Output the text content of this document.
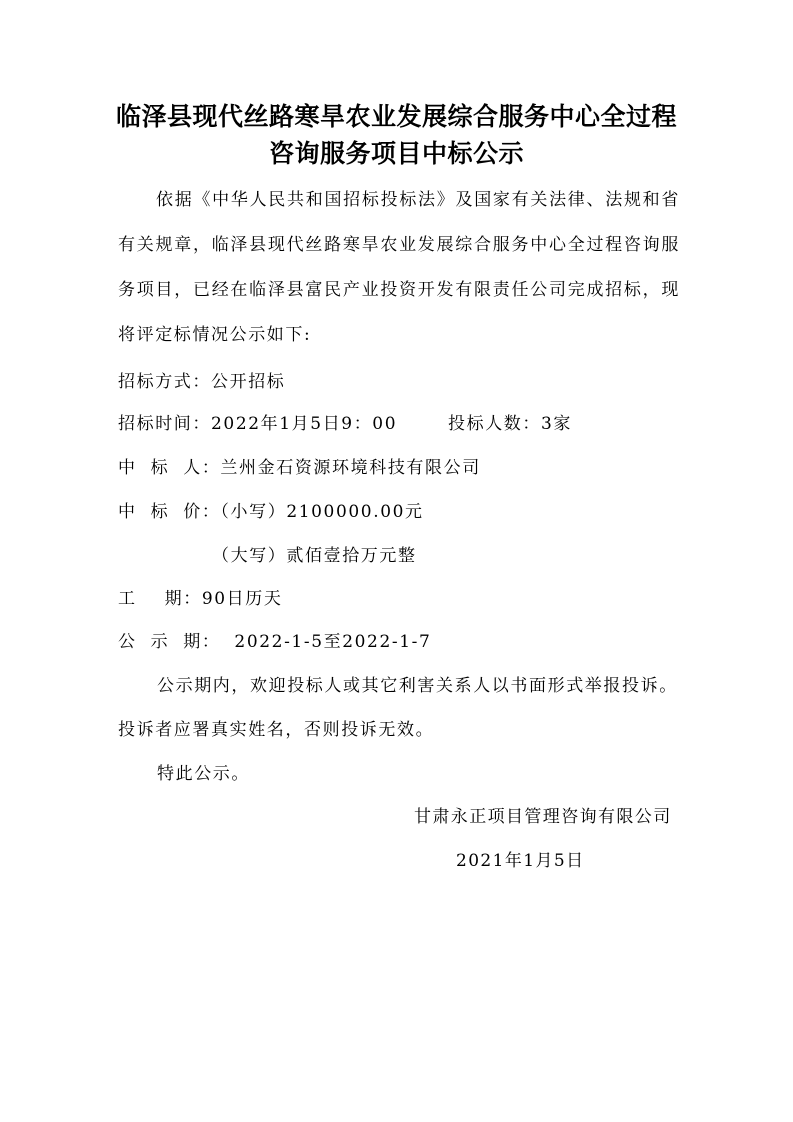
临泽县现代丝路寒旱农业发展综合服务中心全过程
咨询服务项目中标公示
依据《中华人民共和国招标投标法》及国家有关法律、法规和省有关规章，临泽县现代丝路寒旱农业发展综合服务中心全过程咨询服务项目，已经在临泽县富民产业投资开发有限责任公司完成招标，现将评定标情况公示如下:
招标方式：公开招标
招标时间：2022年1月5日9：00	投标人数：3家
中  标  人：兰州金石资源环境科技有限公司
中  标  价：（小写）2100000.00元
（大写）贰佰壹拾万元整
工    期：90日历天
公  示  期：  2022-1-5至2022-1-7
公示期内，欢迎投标人或其它利害关系人以书面形式举报投诉。
投诉者应署真实姓名，否则投诉无效。
特此公示。
甘肃永正项目管理咨询有限公司
2021年1月5日
